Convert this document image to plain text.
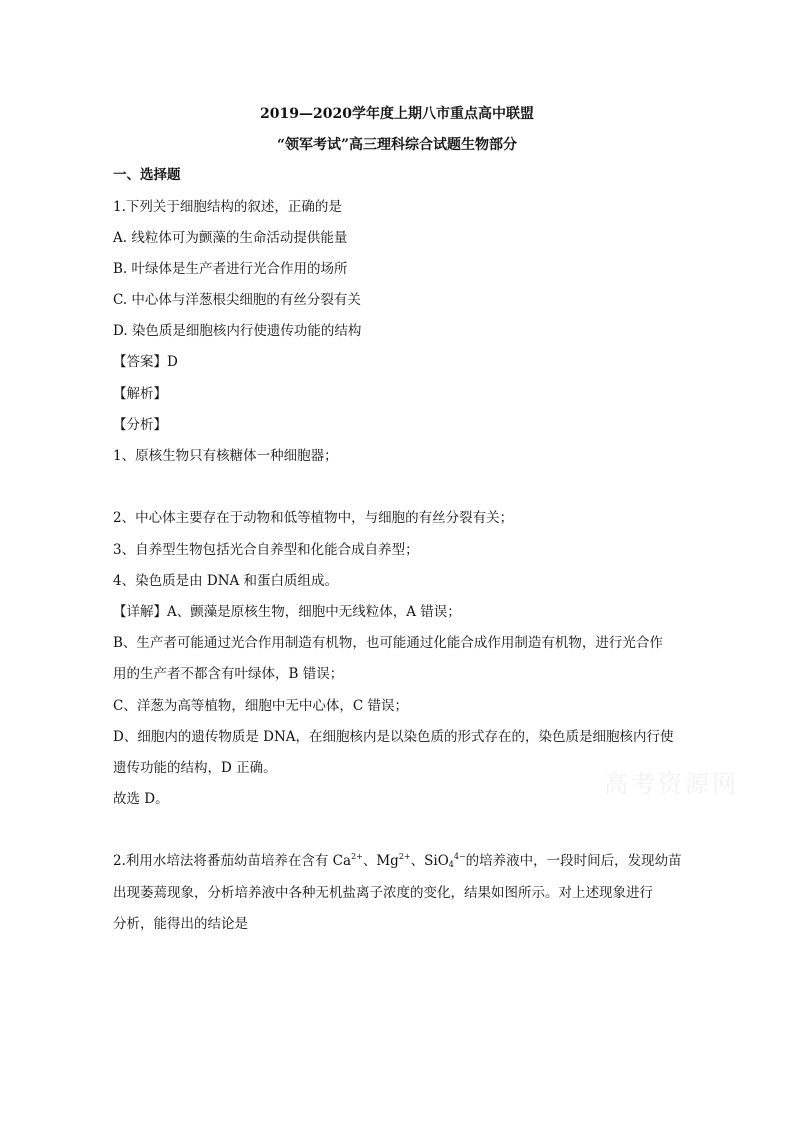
2019—2020学年度上期八市重点高中联盟
“领军考试”高三理科综合试题生物部分
一、选择题
1.下列关于细胞结构的叙述，正确的是
A. 线粒体可为颤藻的生命活动提供能量
B. 叶绿体是生产者进行光合作用的场所
C. 中心体与洋葱根尖细胞的有丝分裂有关
D. 染色质是细胞核内行使遗传功能的结构
【答案】D
【解析】
【分析】
1、原核生物只有核糖体一种细胞器；
2、中心体主要存在于动物和低等植物中，与细胞的有丝分裂有关；
3、自养型生物包括光合自养型和化能合成自养型；
4、染色质是由 DNA 和蛋白质组成。
【详解】A、颤藻是原核生物，细胞中无线粒体，A 错误；
B、生产者可能通过光合作用制造有机物，也可能通过化能合成作用制造有机物，进行光合作
用的生产者不都含有叶绿体，B 错误；
C、洋葱为高等植物，细胞中无中心体，C 错误；
D、细胞内的遗传物质是 DNA，在细胞核内是以染色质的形式存在的，染色质是细胞核内行使
遗传功能的结构，D 正确。
故选 D。
2.利用水培法将番茄幼苗培养在含有 $Ca^{2+}$、$Mg^{2+}$、SiO$_4^{4-}$的培养液中，一段时间后，发现幼苗
出现萎蔫现象，分析培养液中各种无机盐离子浓度的变化，结果如图所示。对上述现象进行
分析，能得出的结论是
高考资源网
